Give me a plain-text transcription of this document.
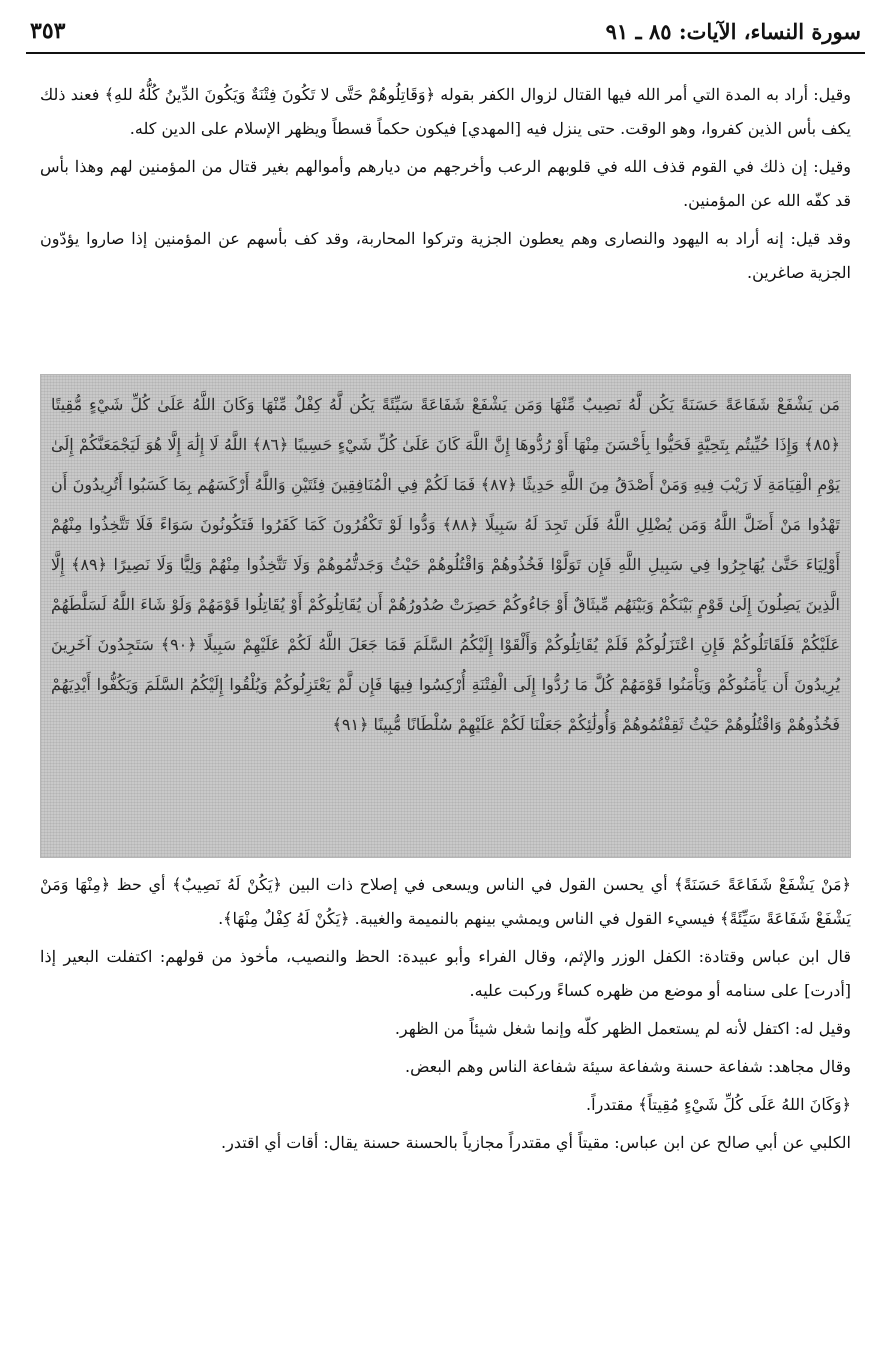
سورة النساء، الآيات: ٨٥ ـ ٩١
٣٥٣

وقيل: أراد به المدة التي أمر الله فيها القتال لزوال الكفر بقوله ﴿وَقَاتِلُوهُمْ حَتَّى لا تَكُونَ فِتْنَةٌ وَيَكُونَ الدِّينُ كُلُّهُ للهِ﴾ فعند ذلك يكف بأس الذين كفروا، وهو الوقت. حتى ينزل فيه [المهدي] فيكون حكماً قسطاً ويظهر الإسلام على الدين كله.

وقيل: إن ذلك في القوم قذف الله في قلوبهم الرعب وأخرجهم من ديارهم وأموالهم بغير قتال من المؤمنين لهم وهذا بأس قد كفّه الله عن المؤمنين.

وقد قيل: إنه أراد به اليهود والنصارى وهم يعطون الجزية وتركوا المحاربة، وقد كف بأسهم عن المؤمنين إذا صاروا يؤدّون الجزية صاغرين.

مَن يَشْفَعْ شَفَاعَةً حَسَنَةً يَكُن لَّهُ نَصِيبٌ مِّنْهَا وَمَن يَشْفَعْ شَفَاعَةً سَيِّئَةً يَكُن لَّهُ كِفْلٌ مِّنْهَا وَكَانَ اللَّهُ عَلَىٰ كُلِّ شَيْءٍ مُّقِيتًا ﴿٨٥﴾ وَإِذَا حُيِّيتُم بِتَحِيَّةٍ فَحَيُّوا بِأَحْسَنَ مِنْهَا أَوْ رُدُّوهَا إِنَّ اللَّهَ كَانَ عَلَىٰ كُلِّ شَيْءٍ حَسِيبًا ﴿٨٦﴾ اللَّهُ لَا إِلَٰهَ إِلَّا هُوَ لَيَجْمَعَنَّكُمْ إِلَىٰ يَوْمِ الْقِيَامَةِ لَا رَيْبَ فِيهِ وَمَنْ أَصْدَقُ مِنَ اللَّهِ حَدِيثًا ﴿٨٧﴾ فَمَا لَكُمْ فِي الْمُنَافِقِينَ فِئَتَيْنِ وَاللَّهُ أَرْكَسَهُم بِمَا كَسَبُوا أَتُرِيدُونَ أَن تَهْدُوا مَنْ أَضَلَّ اللَّهُ وَمَن يُضْلِلِ اللَّهُ فَلَن تَجِدَ لَهُ سَبِيلًا ﴿٨٨﴾ وَدُّوا لَوْ تَكْفُرُونَ كَمَا كَفَرُوا فَتَكُونُونَ سَوَاءً فَلَا تَتَّخِذُوا مِنْهُمْ أَوْلِيَاءَ حَتَّىٰ يُهَاجِرُوا فِي سَبِيلِ اللَّهِ فَإِن تَوَلَّوْا فَخُذُوهُمْ وَاقْتُلُوهُمْ حَيْثُ وَجَدتُّمُوهُمْ وَلَا تَتَّخِذُوا مِنْهُمْ وَلِيًّا وَلَا نَصِيرًا ﴿٨٩﴾ إِلَّا الَّذِينَ يَصِلُونَ إِلَىٰ قَوْمٍ بَيْنَكُمْ وَبَيْنَهُم مِّيثَاقٌ أَوْ جَاءُوكُمْ حَصِرَتْ صُدُورُهُمْ أَن يُقَاتِلُوكُمْ أَوْ يُقَاتِلُوا قَوْمَهُمْ وَلَوْ شَاءَ اللَّهُ لَسَلَّطَهُمْ عَلَيْكُمْ فَلَقَاتَلُوكُمْ فَإِنِ اعْتَزَلُوكُمْ فَلَمْ يُقَاتِلُوكُمْ وَأَلْقَوْا إِلَيْكُمُ السَّلَمَ فَمَا جَعَلَ اللَّهُ لَكُمْ عَلَيْهِمْ سَبِيلًا ﴿٩٠﴾ سَتَجِدُونَ آخَرِينَ يُرِيدُونَ أَن يَأْمَنُوكُمْ وَيَأْمَنُوا قَوْمَهُمْ كُلَّ مَا رُدُّوا إِلَى الْفِتْنَةِ أُرْكِسُوا فِيهَا فَإِن لَّمْ يَعْتَزِلُوكُمْ وَيُلْقُوا إِلَيْكُمُ السَّلَمَ وَيَكُفُّوا أَيْدِيَهُمْ فَخُذُوهُمْ وَاقْتُلُوهُمْ حَيْثُ ثَقِفْتُمُوهُمْ وَأُولَٰئِكُمْ جَعَلْنَا لَكُمْ عَلَيْهِمْ سُلْطَانًا مُّبِينًا ﴿٩١﴾

﴿مَنْ يَشْفَعْ شَفَاعَةً حَسَنَةً﴾ أي يحسن القول في الناس ويسعى في إصلاح ذات البين ﴿يَكُنْ لَهُ نَصِيبٌ﴾ أي حظ ﴿مِنْهَا وَمَنْ يَشْفَعْ شَفَاعَةً سَيِّئَةً﴾ فيسيء القول في الناس ويمشي بينهم بالنميمة والغيبة. ﴿يَكُنْ لَهُ كِفْلٌ مِنْهَا﴾.

قال ابن عباس وقتادة: الكفل الوزر والإثم، وقال الفراء وأبو عبيدة: الحظ والنصيب، مأخوذ من قولهم: اكتفلت البعير إذا [أدرت] على سنامه أو موضع من ظهره كساءً وركبت عليه.

وقيل له: اكتفل لأنه لم يستعمل الظهر كلّه وإنما شغل شيئاً من الظهر.

وقال مجاهد: شفاعة حسنة وشفاعة سيئة شفاعة الناس وهم البعض.

﴿وَكَانَ اللهُ عَلَى كُلِّ شَيْءٍ مُقِيتاً﴾ مقتدراً.

الكلبي عن أبي صالح عن ابن عباس: مقيتاً أي مقتدراً مجازياً بالحسنة حسنة يقال: أقات أي اقتدر.
